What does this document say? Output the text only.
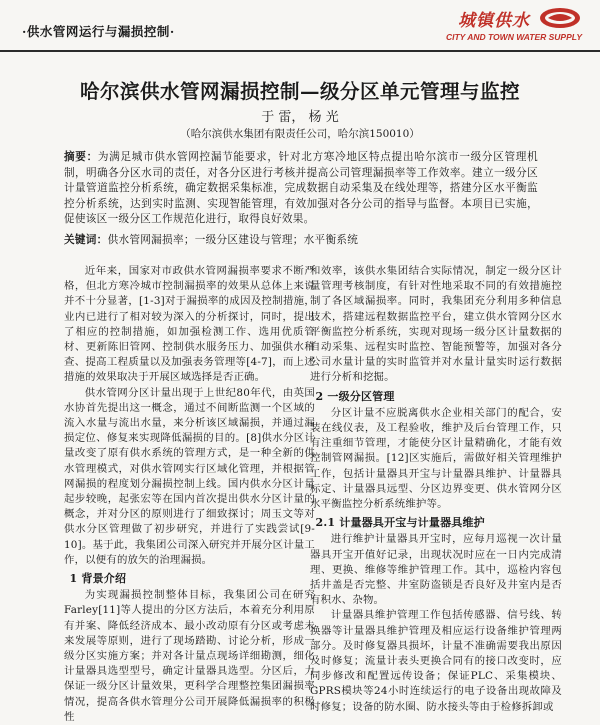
·供水管网运行与漏损控制·
城镇供水
CITY AND TOWN WATER SUPPLY
哈尔滨供水管网漏损控制—级分区单元管理与监控
于 雷， 杨 光
（哈尔滨供水集团有限责任公司，哈尔滨150010）
摘要：为满足城市供水管网控漏节能要求，针对北方寒冷地区特点提出哈尔滨市一级分区管理机制，明确各分区水司的责任，对各分区进行考核并提高公司管理漏损率等工作效率。建立一级分区计量管道监控分析系统，确定数据采集标准，完成数据自动采集及在线处理等，搭建分区水平衡监控分析系统，达到实时监测、实现智能管理，有效加强对各分公司的指导与监督。本项目已实施，促使该区一级分区工作规范化进行，取得良好效果。
关键词：供水管网漏损率；一级分区建设与管理；水平衡系统

近年来，国家对市政供水管网漏损率要求不断严格，但北方寒冷城市控制漏损率的效果从总体上来说并不十分显著，[1-3]对于漏损率的成因及控制措施，业内已进行了相对较为深入的分析探讨，同时，提出了相应的控制措施，如加强检测工作、选用优质管材、更新陈旧管网、控制供水服务压力、加强供水稽查、提高工程质量以及加强表务管理等[4-7]，而上述措施的效果取决于开展区域选择是否正确。

供水管网分区计量出现于上世纪80年代，由英国水协首先提出这一概念，通过不间断监测一个区域的流入水量与流出水量，来分析该区域漏损，并通过漏损定位、修复来实现降低漏损的目的。[8]供水分区计量改变了原有供水系统的管理方式，是一种全新的供水管理模式，对供水管网实行区域化管理，并根据管网漏损的程度划分漏损控制上线。国内供水分区计量起步较晚，起张宏等在国内首次提出供水分区计量的概念，并对分区的原则进行了细致探讨；周玉文等对供水分区管理做了初步研究，并进行了实践尝试[9-10]。基于此，我集团公司深入研究并开展分区计量工作，以便有的放矢的治理漏损。

1 背景介绍

为实现漏损控制整体目标，我集团公司在研究Farley[11]等人提出的分区方法后，本着充分利用原有并案、降低经济成本、最小改动原有分区或考虑未来发展等原则，进行了现场踏勘、讨论分析，形成一级分区实施方案；并对各计量点现场详细勘测，细化计量器具选型型号，确定计量器具选型。分区后，力保证一级分区计量效果，更科学合理整控集团漏损率情况，提高各供水管理分公司开展降低漏损率的积极性

和效率，该供水集团结合实际情况，制定一级分区计量管理考核制度，有针对性地采取不同的有效措施控制了各区域漏损率。同时，我集团充分利用多种信息技术，搭建远程数据监控平台，建立供水管网分区水平衡监控分析系统，实现对现场一级分区计量数据的自动采集、远程实时监控、智能预警等，加强对各分公司水量计量的实时监管并对水量计量实时运行数据进行分析和挖掘。

2 一级分区管理

分区计量不应脱离供水企业相关部门的配合，安装在线仪表，及工程验收，维护及后台管理工作，只有注重细节管理，才能使分区计量精确化，才能有效控制管网漏损。[12]区实施后，需做好相关管理维护工作，包括计量器具开宝与计量器具维护、计量器具标定、计量器具远型、分区边界变更、供水管网分区水平衡监控分析系统维护等。

2.1 计量器具开宝与计量器具维护

进行维护计量器具开宝时，应每月巡视一次计量器具开宝开值好记录，出现状况时应在一日内完成清理、更换、维修等维护管理工作。其中，巡检内容包括井盖是否完整、井室防盗锁是否良好及井室内是否有积水、杂物。

计量器具维护管理工作包括传感器、信号线、转换器等计量器具维护管理及相应运行设备维护管理两部分。及时修复器具损坏，计量不准确需要我出原因及时修复；流量计表头更换合同有的接口改变时，应同步修改和配置远传设备；保证PLC、采集模块、GPRS模块等24小时连续运行的电子设备出现故障及时修复；设备的防水圈、防水接头等由于检修拆卸或
